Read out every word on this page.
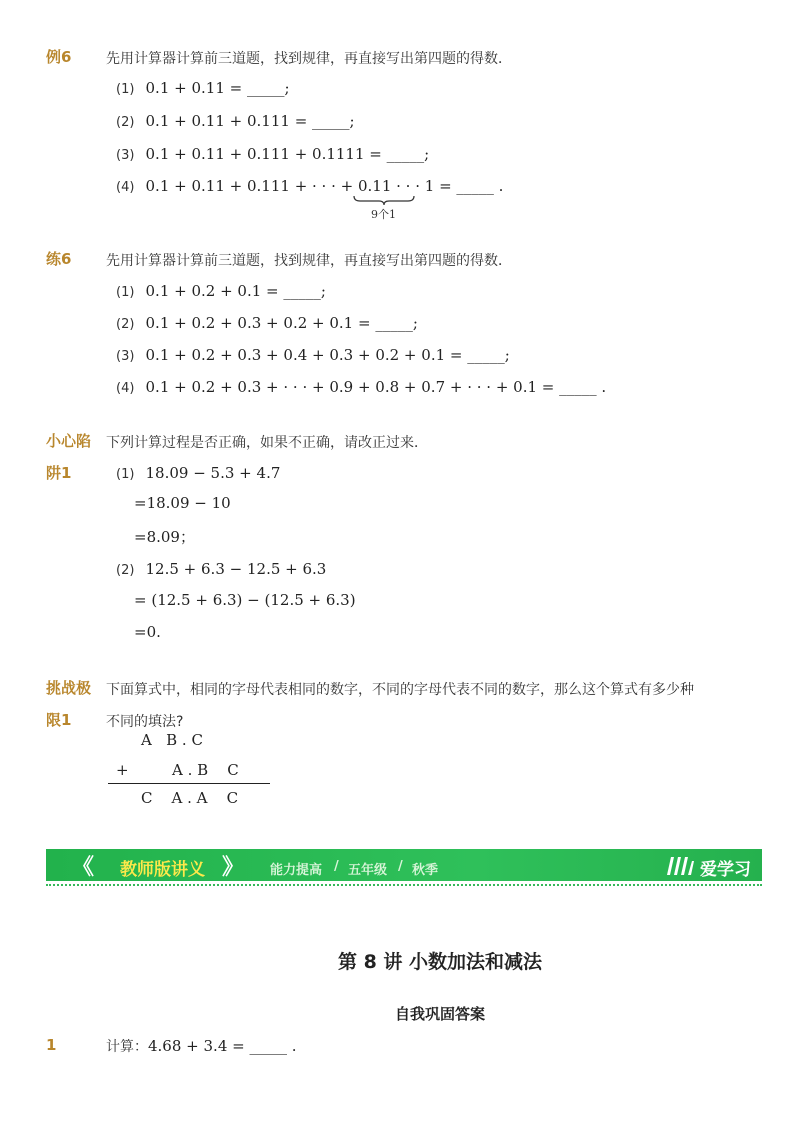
例6 先用计算器计算前三道题，找到规律，再直接写出第四题的得数．
(1) 0.1 + 0.11 = _____;
(2) 0.1 + 0.11 + 0.111 = _____;
(3) 0.1 + 0.11 + 0.111 + 0.1111 = _____;
(4) 0.1 + 0.11 + 0.111 + · · · + 0.11 · · · 1 = _____ .
9个1
练6 先用计算器计算前三道题，找到规律，再直接写出第四题的得数．
(1) 0.1 + 0.2 + 0.1 = _____;
(2) 0.1 + 0.2 + 0.3 + 0.2 + 0.1 = _____;
(3) 0.1 + 0.2 + 0.3 + 0.4 + 0.3 + 0.2 + 0.1 = _____;
(4) 0.1 + 0.2 + 0.3 + · · · + 0.9 + 0.8 + 0.7 + · · · + 0.1 = _____ .
小心陷
阱1
下列计算过程是否正确，如果不正确，请改正过来．
(1) 18.09 − 5.3 + 4.7
=18.09 − 10
=8.09；
(2) 12.5 + 6.3 − 12.5 + 6.3
= (12.5 + 6.3) − (12.5 + 6.3)
=0.
挑战极
限1
下面算式中，相同的字母代表相同的数字，不同的字母代表不同的数字，那么这个算式有多少种
不同的填法?
A   B . C
+	A . B    C
C    A . A    C
《 教师版讲义 》 能力提高 / 五年级 / 秋季	爱学习
第 8 讲 小数加法和减法
自我巩固答案
1	计算：4.68 + 3.4 = _____ .
